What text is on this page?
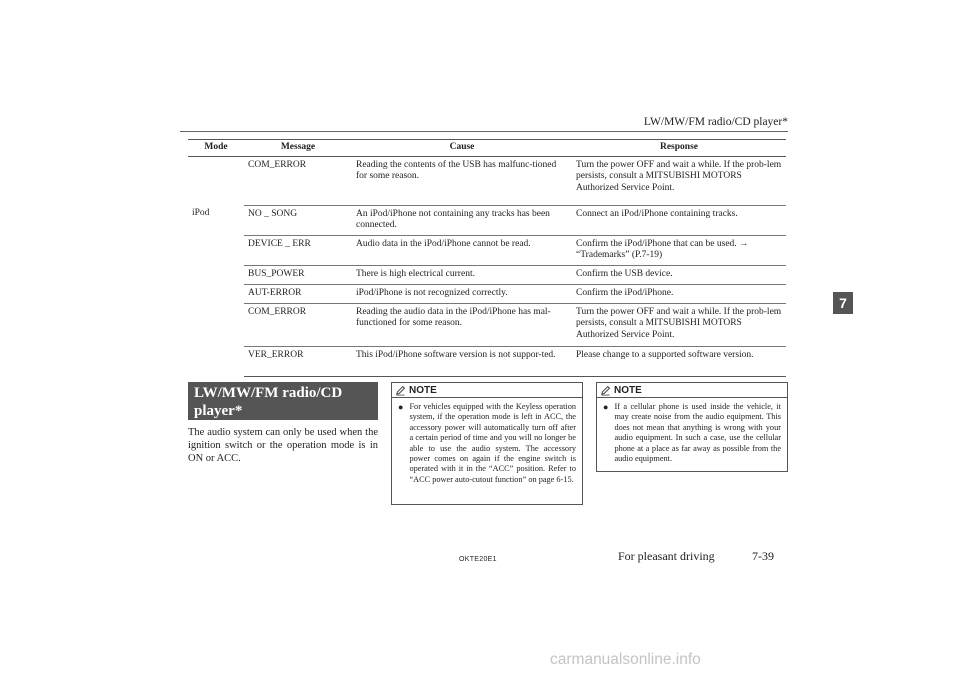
LW/MW/FM radio/CD player*
7
Mode	Message	Cause	Response
	COM_ERROR	Reading the contents of the USB has malfunc-tioned for some reason.	Turn the power OFF and wait a while. If the prob-lem persists, consult a MITSUBISHI MOTORS Authorized Service Point.
iPod	NO _ SONG	An iPod/iPhone not containing any tracks has been connected.	Connect an iPod/iPhone containing tracks.
	DEVICE _ ERR	Audio data in the iPod/iPhone cannot be read.	Confirm the iPod/iPhone that can be used. → “Trademarks” (P.7-19)
	BUS_POWER	There is high electrical current.	Confirm the USB device.
	AUT-ERROR	iPod/iPhone is not recognized correctly.	Confirm the iPod/iPhone.
	COM_ERROR	Reading the audio data in the iPod/iPhone has mal-functioned for some reason.	Turn the power OFF and wait a while. If the prob-lem persists, consult a MITSUBISHI MOTORS Authorized Service Point.
	VER_ERROR	This iPod/iPhone software version is not suppor-ted.	Please change to a supported software version.
LW/MW/FM radio/CD player*

The audio system can only be used when the ignition switch or the operation mode is in ON or ACC.

NOTE
● For vehicles equipped with the Keyless operation system, if the operation mode is left in ACC, the accessory power will automatically turn off after a certain period of time and you will no longer be able to use the audio system. The accessory power comes on again if the engine switch is operated with it in the “ACC” position. Refer to “ACC power auto-cutout function” on page 6-15.

NOTE
● If a cellular phone is used inside the vehicle, it may create noise from the audio equipment. This does not mean that anything is wrong with your audio equipment. In such a case, use the cellular phone at a place as far away as possible from the audio equipment.

OKTE20E1	For pleasant driving	7-39
carmanualsonline.info
